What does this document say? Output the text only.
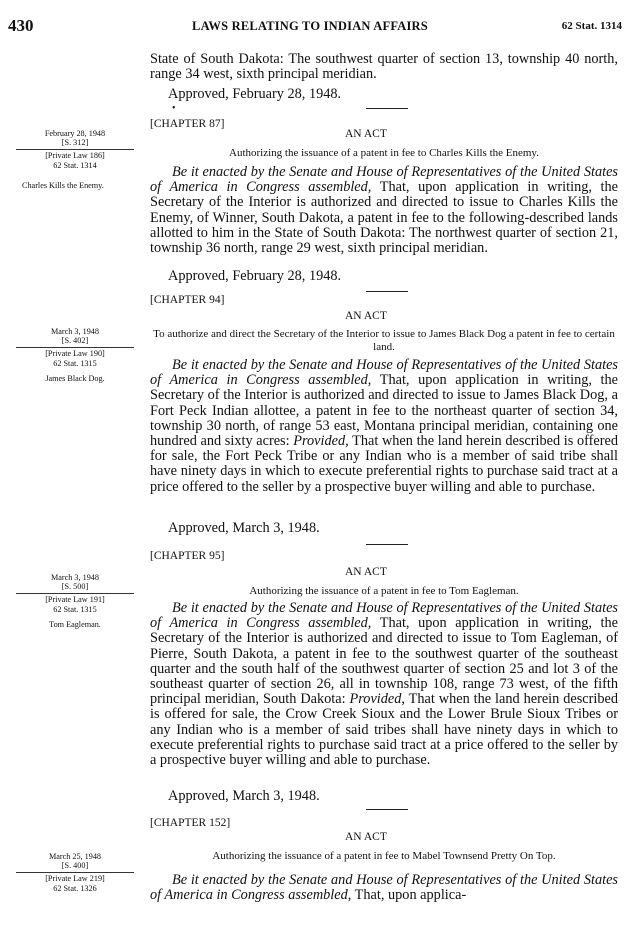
430	LAWS RELATING TO INDIAN AFFAIRS	62 Stat. 1314

State of South Dakota: The southwest quarter of section 13, township 40 north, range 34 west, sixth principal meridian.

Approved, February 28, 1948.
•
[CHAPTER 87]
AN ACT
Authorizing the issuance of a patent in fee to Charles Kills the Enemy.

Be it enacted by the Senate and House of Representatives of the United States of America in Congress assembled, That, upon application in writing, the Secretary of the Interior is authorized and directed to issue to Charles Kills the Enemy, of Winner, South Dakota, a patent in fee to the following-described lands allotted to him in the State of South Dakota: The northwest quarter of section 21, township 36 north, range 29 west, sixth principal meridian.

Approved, February 28, 1948.
February 28, 1948
[S. 312]
[Private Law 186]
62 Stat. 1314
Charles Kills the Enemy.
[CHAPTER 94]
AN ACT
To authorize and direct the Secretary of the Interior to issue to James Black Dog a patent in fee to certain land.

Be it enacted by the Senate and House of Representatives of the United States of America in Congress assembled, That, upon application in writing, the Secretary of the Interior is authorized and directed to issue to James Black Dog, a Fort Peck Indian allottee, a patent in fee to the northeast quarter of section 34, township 30 north, of range 53 east, Montana principal meridian, containing one hundred and sixty acres: Provided, That when the land herein described is offered for sale, the Fort Peck Tribe or any Indian who is a member of said tribe shall have ninety days in which to execute preferential rights to purchase said tract at a price offered to the seller by a prospective buyer willing and able to purchase.

Approved, March 3, 1948.
March 3, 1948
[S. 402]
[Private Law 190]
62 Stat. 1315
James Black Dog.
[CHAPTER 95]
AN ACT
Authorizing the issuance of a patent in fee to Tom Eagleman.

Be it enacted by the Senate and House of Representatives of the United States of America in Congress assembled, That, upon application in writing, the Secretary of the Interior is authorized and directed to issue to Tom Eagleman, of Pierre, South Dakota, a patent in fee to the southwest quarter of the southeast quarter and the south half of the southwest quarter of section 25 and lot 3 of the southeast quarter of section 26, all in township 108, range 73 west, of the fifth principal meridian, South Dakota: Provided, That when the land herein described is offered for sale, the Crow Creek Sioux and the Lower Brule Sioux Tribes or any Indian who is a member of said tribes shall have ninety days in which to execute preferential rights to purchase said tract at a price offered to the seller by a prospective buyer willing and able to purchase.

Approved, March 3, 1948.
March 3, 1948
[S. 500]
[Private Law 191]
62 Stat. 1315
Tom Eagleman.
[CHAPTER 152]
AN ACT
Authorizing the issuance of a patent in fee to Mabel Townsend Pretty On Top.

Be it enacted by the Senate and House of Representatives of the United States of America in Congress assembled, That, upon applica-

March 25, 1948
[S. 400]
[Private Law 219]
62 Stat. 1326
